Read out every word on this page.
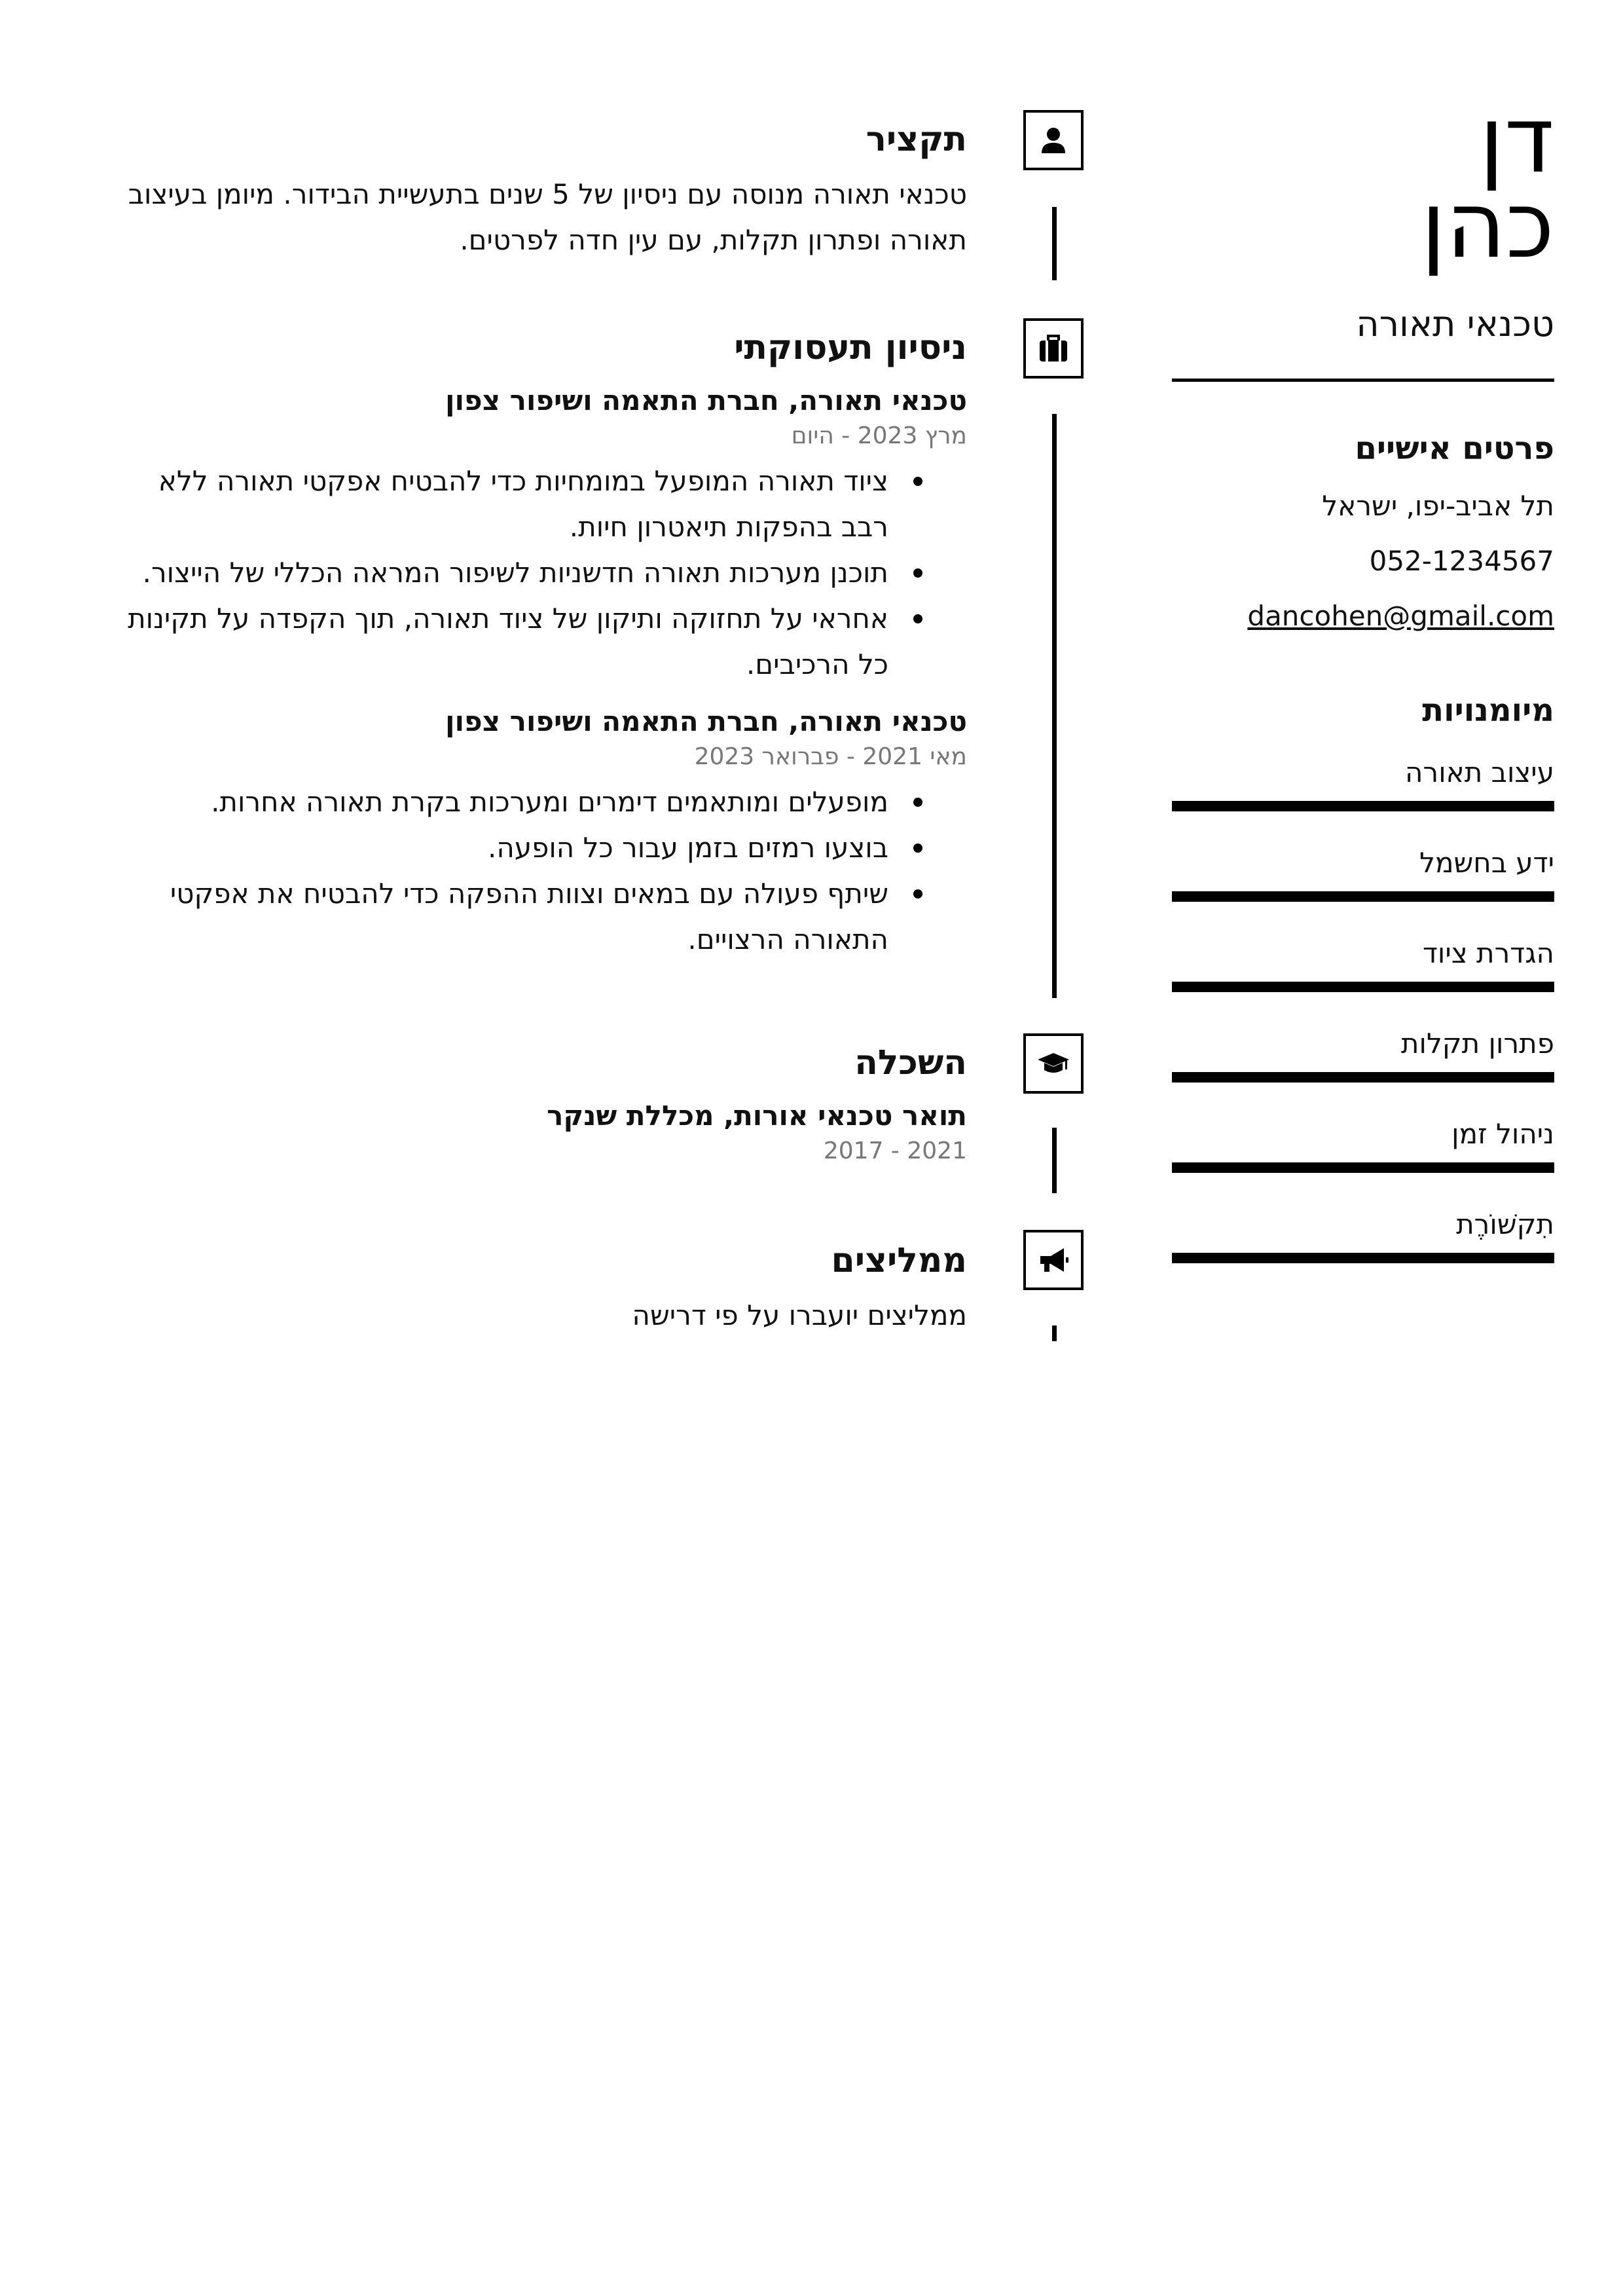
דן
כהן
טכנאי תאורה
פרטים אישיים
תל אביב-יפו, ישראל
052-1234567
dancohen@gmail.com
מיומנויות
עיצוב תאורה
ידע בחשמל
הגדרת ציוד
פתרון תקלות
ניהול זמן
תִקשׁוֹרֶת
תקציר
טכנאי תאורה מנוסה עם ניסיון של 5 שנים בתעשיית הבידור. מיומן בעיצוב תאורה ופתרון תקלות, עם עין חדה לפרטים.
ניסיון תעסוקתי
טכנאי תאורה, חברת התאמה ושיפור צפון
מרץ 2023 - היום
ציוד תאורה המופעל במומחיות כדי להבטיח אפקטי תאורה ללא רבב בהפקות תיאטרון חיות.
תוכנן מערכות תאורה חדשניות לשיפור המראה הכללי של הייצור.
אחראי על תחזוקה ותיקון של ציוד תאורה, תוך הקפדה על תקינות כל הרכיבים.
טכנאי תאורה, חברת התאמה ושיפור צפון
מאי 2021 - פברואר 2023
מופעלים ומותאמים דימרים ומערכות בקרת תאורה אחרות.
בוצעו רמזים בזמן עבור כל הופעה.
שיתף פעולה עם במאים וצוות ההפקה כדי להבטיח את אפקטי התאורה הרצויים.
השכלה
תואר טכנאי אורות, מכללת שנקר
2021 - 2017
ממליצים
ממליצים יועברו על פי דרישה
